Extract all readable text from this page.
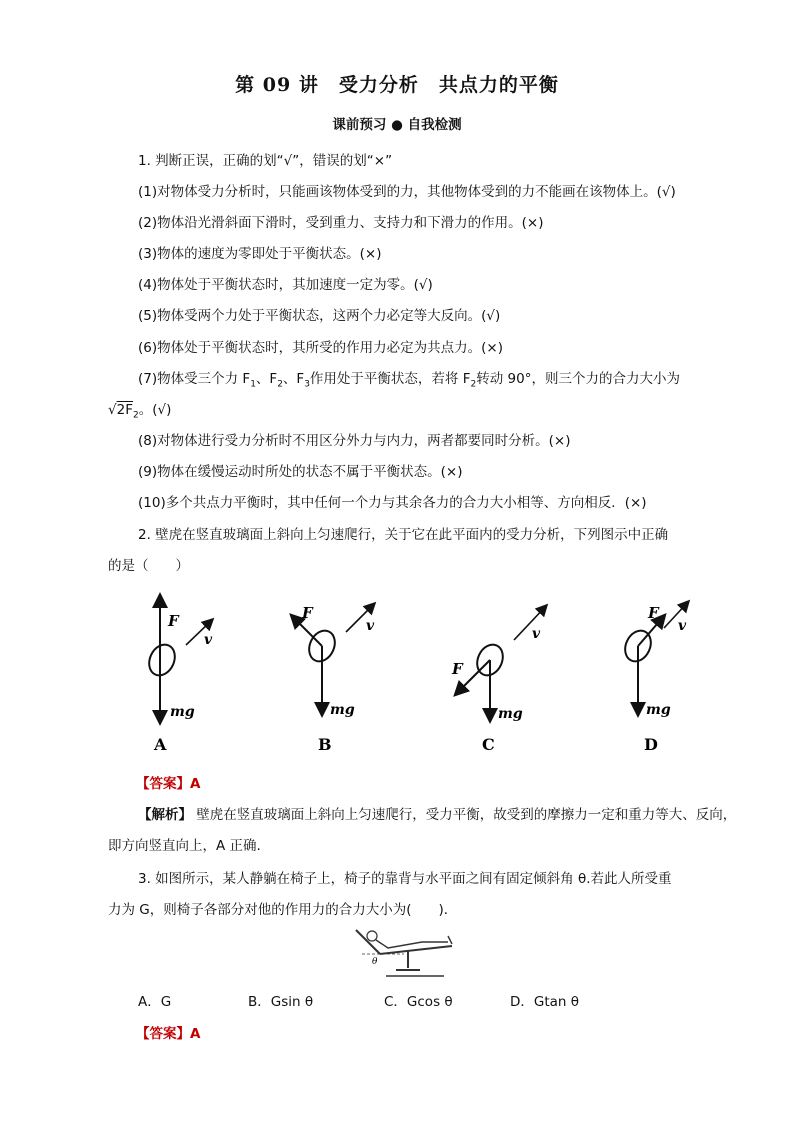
第 09 讲　受力分析　共点力的平衡
课前预习 ● 自我检测
1. 判断正误，正确的划“√”，错误的划“×”
(1)对物体受力分析时，只能画该物体受到的力，其他物体受到的力不能画在该物体上。(√)
(2)物体沿光滑斜面下滑时，受到重力、支持力和下滑力的作用。(×)
(3)物体的速度为零即处于平衡状态。(×)
(4)物体处于平衡状态时，其加速度一定为零。(√)
(5)物体受两个力处于平衡状态，这两个力必定等大反向。(√)
(6)物体处于平衡状态时，其所受的作用力必定为共点力。(×)
(7)物体受三个力 $F_1$、$F_2$、$F_3$作用处于平衡状态，若将 $F_2$转动 90°，则三个力的合力大小为
$√2F_2$。(√)
(8)对物体进行受力分析时不用区分外力与内力，两者都要同时分析。(×)
(9)物体在缓慢运动时所处的状态不属于平衡状态。(×)
(10)多个共点力平衡时，其中任何一个力与其余各力的合力大小相等、方向相反．(×)
2. 壁虎在竖直玻璃面上斜向上匀速爬行，关于它在此平面内的受力分析，下列图示中正确
的是（　　）
F
v
mg
A
F
v
mg
B
F
v
mg
C
F
v
mg
D
【答案】A
【解析】 壁虎在竖直玻璃面上斜向上匀速爬行，受力平衡，故受到的摩擦力一定和重力等大、反向，
即方向竖直向上，A 正确.
3. 如图所示，某人静躺在椅子上，椅子的靠背与水平面之间有固定倾斜角 θ.若此人所受重
力为 G，则椅子各部分对他的作用力的合力大小为(　　)．
θ
A．G	B．Gsin θ	C．Gcos θ	D．Gtan θ
【答案】A
